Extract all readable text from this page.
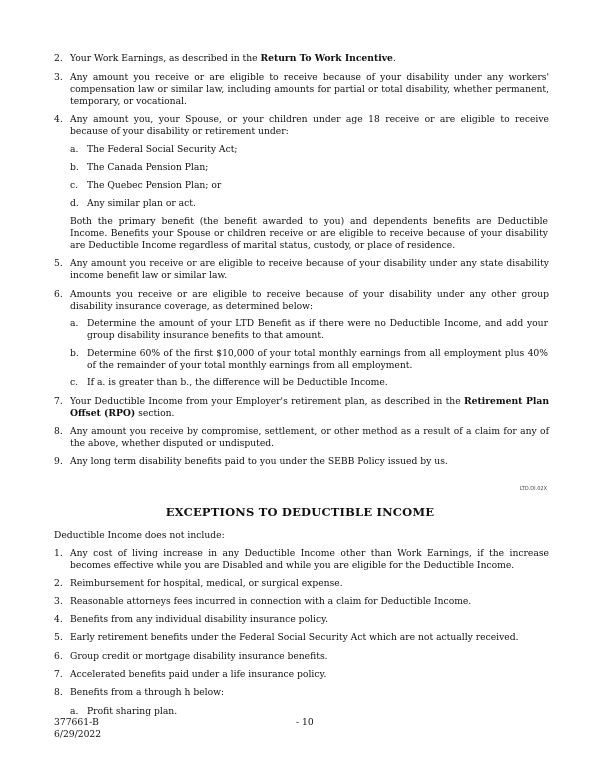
2. Your Work Earnings, as described in the Return To Work Incentive.
3. Any amount you receive or are eligible to receive because of your disability under any workers' compensation law or similar law, including amounts for partial or total disability, whether permanent, temporary, or vocational.
4. Any amount you, your Spouse, or your children under age 18 receive or are eligible to receive because of your disability or retirement under:
a. The Federal Social Security Act;
b. The Canada Pension Plan;
c. The Quebec Pension Plan; or
d. Any similar plan or act.
Both the primary benefit (the benefit awarded to you) and dependents benefits are Deductible Income. Benefits your Spouse or children receive or are eligible to receive because of your disability are Deductible Income regardless of marital status, custody, or place of residence.
5. Any amount you receive or are eligible to receive because of your disability under any state disability income benefit law or similar law.
6. Amounts you receive or are eligible to receive because of your disability under any other group disability insurance coverage, as determined below:
a. Determine the amount of your LTD Benefit as if there were no Deductible Income, and add your group disability insurance benefits to that amount.
b. Determine 60% of the first $10,000 of your total monthly earnings from all employment plus 40% of the remainder of your total monthly earnings from all employment.
c. If a. is greater than b., the difference will be Deductible Income.
7. Your Deductible Income from your Employer's retirement plan, as described in the Retirement Plan Offset (RPO) section.
8. Any amount you receive by compromise, settlement, or other method as a result of a claim for any of the above, whether disputed or undisputed.
9. Any long term disability benefits paid to you under the SEBB Policy issued by us.
LTD.DI.02X
EXCEPTIONS TO DEDUCTIBLE INCOME
Deductible Income does not include:
1. Any cost of living increase in any Deductible Income other than Work Earnings, if the increase becomes effective while you are Disabled and while you are eligible for the Deductible Income.
2. Reimbursement for hospital, medical, or surgical expense.
3. Reasonable attorneys fees incurred in connection with a claim for Deductible Income.
4. Benefits from any individual disability insurance policy.
5. Early retirement benefits under the Federal Social Security Act which are not actually received.
6. Group credit or mortgage disability insurance benefits.
7. Accelerated benefits paid under a life insurance policy.
8. Benefits from a through h below:
a. Profit sharing plan.
377661-B	- 10
6/29/2022
